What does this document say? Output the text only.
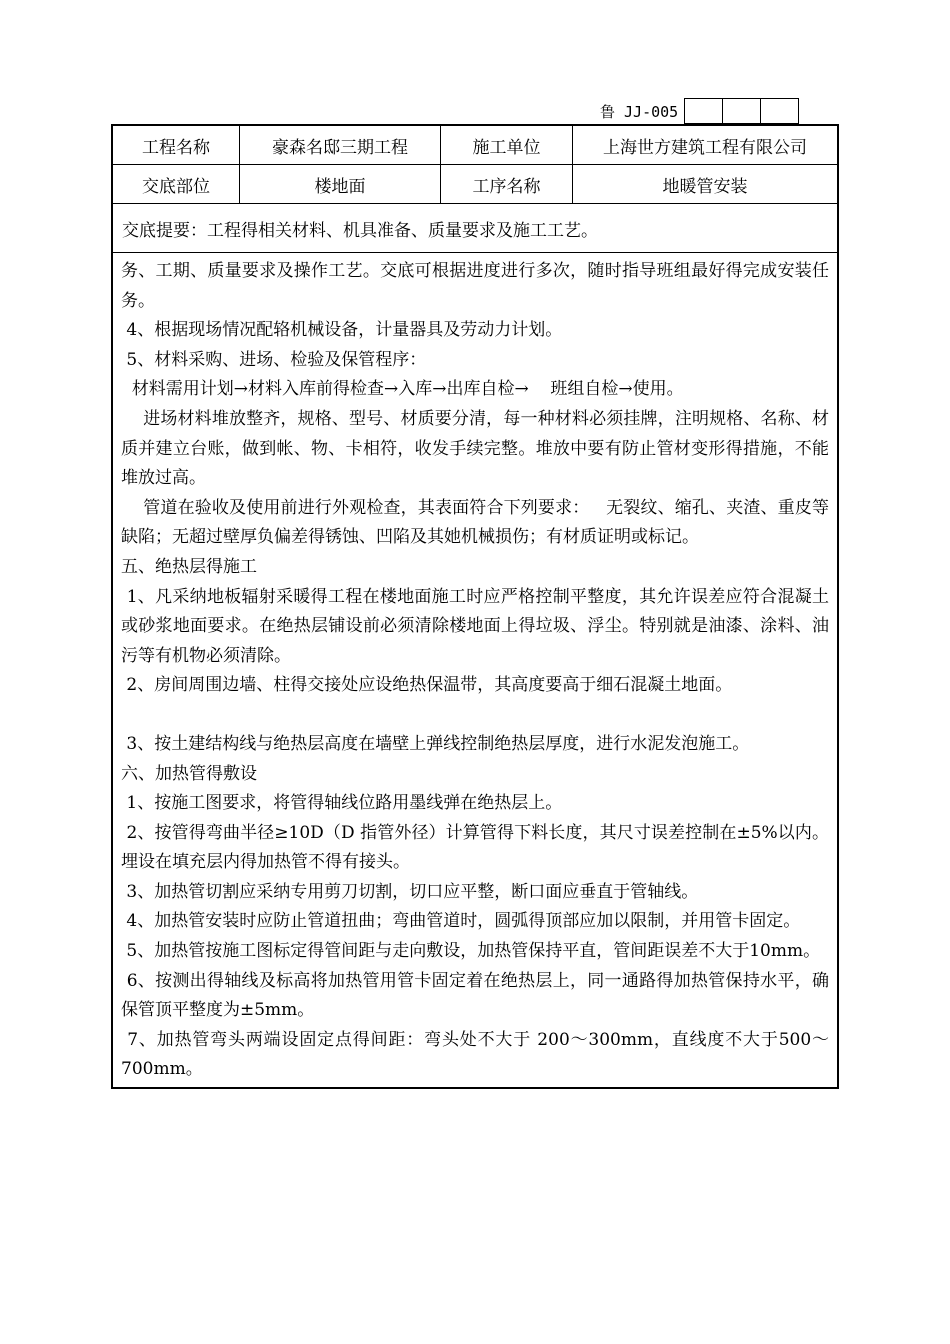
鲁 JJ-005
工程名称	豪森名邸三期工程	施工单位	上海世方建筑工程有限公司
交底部位	楼地面	工序名称	地暖管安装
交底提要：工程得相关材料、机具准备、质量要求及施工工艺。

务、工期、质量要求及操作工艺。交底可根据进度进行多次，随时指导班组最好得完成安装任务。

4、根据现场情况配辂机械设备，计量器具及劳动力计划。

5、材料采购、进场、检验及保管程序：

材料需用计划→材料入库前得检查→入库→出库自检→    班组自检→使用。

进场材料堆放整齐，规格、型号、材质要分清，每一种材料必须挂牌，注明规格、名称、材质并建立台账，做到帐、物、卡相符，收发手续完整。堆放中要有防止管材变形得措施，不能堆放过高。

管道在验收及使用前进行外观检查，其表面符合下列要求：   无裂纹、缩孔、夹渣、重皮等缺陷；无超过壁厚负偏差得锈蚀、凹陷及其她机械损伤；有材质证明或标记。

五、绝热层得施工

1、凡采纳地板辐射采暖得工程在楼地面施工时应严格控制平整度，其允许误差应符合混凝土或砂浆地面要求。在绝热层铺设前必须清除楼地面上得垃圾、浮尘。特别就是油漆、涂料、油污等有机物必须清除。

2、房间周围边墙、柱得交接处应设绝热保温带，其高度要高于细石混凝土地面。

3、按土建结构线与绝热层高度在墙壁上弹线控制绝热层厚度，进行水泥发泡施工。

六、加热管得敷设

1、按施工图要求，将管得轴线位路用墨线弹在绝热层上。

2、按管得弯曲半径≥10D（D 指管外径）计算管得下料长度，其尺寸误差控制在±5%以内。埋设在填充层内得加热管不得有接头。

3、加热管切割应采纳专用剪刀切割，切口应平整，断口面应垂直于管轴线。

4、加热管安装时应防止管道扭曲；弯曲管道时，圆弧得顶部应加以限制，并用管卡固定。

5、加热管按施工图标定得管间距与走向敷设，加热管保持平直，管间距误差不大于10mm。

6、按测出得轴线及标高将加热管用管卡固定着在绝热层上，同一通路得加热管保持水平，确保管顶平整度为±5mm。

7、加热管弯头两端设固定点得间距：弯头处不大于 200～300mm，直线度不大于500～700mm。
